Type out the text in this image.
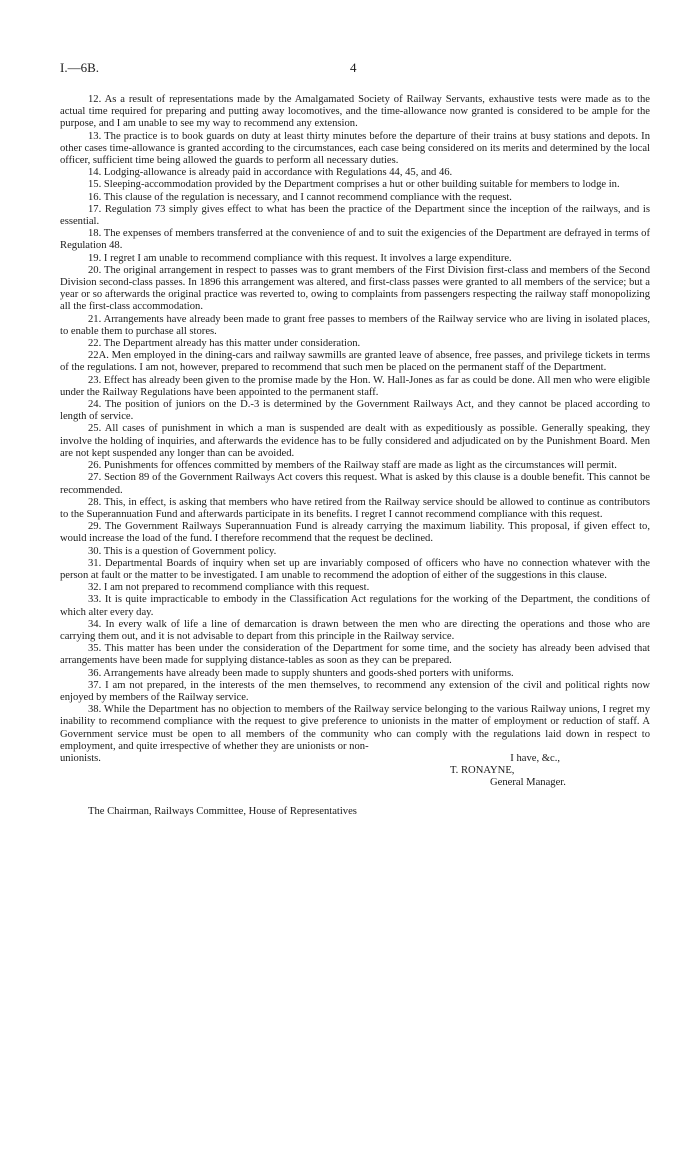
I.—6B.	4

12. As a result of representations made by the Amalgamated Society of Railway Servants, exhaustive tests were made as to the actual time required for preparing and putting away locomotives, and the time-allowance now granted is considered to be ample for the purpose, and I am unable to see my way to recommend any extension.

13. The practice is to book guards on duty at least thirty minutes before the departure of their trains at busy stations and depots. In other cases time-allowance is granted according to the circumstances, each case being considered on its merits and determined by the local officer, sufficient time being allowed the guards to perform all necessary duties.

14. Lodging-allowance is already paid in accordance with Regulations 44, 45, and 46.

15. Sleeping-accommodation provided by the Department comprises a hut or other building suitable for members to lodge in.

16. This clause of the regulation is necessary, and I cannot recommend compliance with the request.

17. Regulation 73 simply gives effect to what has been the practice of the Department since the inception of the railways, and is essential.

18. The expenses of members transferred at the convenience of and to suit the exigencies of the Department are defrayed in terms of Regulation 48.

19. I regret I am unable to recommend compliance with this request. It involves a large expenditure.

20. The original arrangement in respect to passes was to grant members of the First Division first-class and members of the Second Division second-class passes. In 1896 this arrangement was altered, and first-class passes were granted to all members of the service; but a year or so afterwards the original practice was reverted to, owing to complaints from passengers respecting the railway staff monopolizing all the first-class accommodation.

21. Arrangements have already been made to grant free passes to members of the Railway service who are living in isolated places, to enable them to purchase all stores.

22. The Department already has this matter under consideration.

22A. Men employed in the dining-cars and railway sawmills are granted leave of absence, free passes, and privilege tickets in terms of the regulations. I am not, however, prepared to recommend that such men be placed on the permanent staff of the Department.

23. Effect has already been given to the promise made by the Hon. W. Hall-Jones as far as could be done. All men who were eligible under the Railway Regulations have been appointed to the permanent staff.

24. The position of juniors on the D.-3 is determined by the Government Railways Act, and they cannot be placed according to length of service.

25. All cases of punishment in which a man is suspended are dealt with as expeditiously as possible. Generally speaking, they involve the holding of inquiries, and afterwards the evidence has to be fully considered and adjudicated on by the Punishment Board. Men are not kept suspended any longer than can be avoided.

26. Punishments for offences committed by members of the Railway staff are made as light as the circumstances will permit.

27. Section 89 of the Government Railways Act covers this request. What is asked by this clause is a double benefit. This cannot be recommended.

28. This, in effect, is asking that members who have retired from the Railway service should be allowed to continue as contributors to the Superannuation Fund and afterwards participate in its benefits. I regret I cannot recommend compliance with this request.

29. The Government Railways Superannuation Fund is already carrying the maximum liability. This proposal, if given effect to, would increase the load of the fund. I therefore recommend that the request be declined.

30. This is a question of Government policy.

31. Departmental Boards of inquiry when set up are invariably composed of officers who have no connection whatever with the person at fault or the matter to be investigated. I am unable to recommend the adoption of either of the suggestions in this clause.

32. I am not prepared to recommend compliance with this request.

33. It is quite impracticable to embody in the Classification Act regulations for the working of the Department, the conditions of which alter every day.

34. In every walk of life a line of demarcation is drawn between the men who are directing the operations and those who are carrying them out, and it is not advisable to depart from this principle in the Railway service.

35. This matter has been under the consideration of the Department for some time, and the society has already been advised that arrangements have been made for supplying distance-tables as soon as they can be prepared.

36. Arrangements have already been made to supply shunters and goods-shed porters with uniforms.

37. I am not prepared, in the interests of the men themselves, to recommend any extension of the civil and political rights now enjoyed by members of the Railway service.

38. While the Department has no objection to members of the Railway service belonging to the various Railway unions, I regret my inability to recommend compliance with the request to give preference to unionists in the matter of employment or reduction of staff. A Government service must be open to all members of the community who can comply with the regulations laid down in respect to employment, and quite irrespective of whether they are unionists or non-

unionists.	I have, &c.,
T. RONAYNE,
General Manager.
The Chairman, Railways Committee, House of Representatives
